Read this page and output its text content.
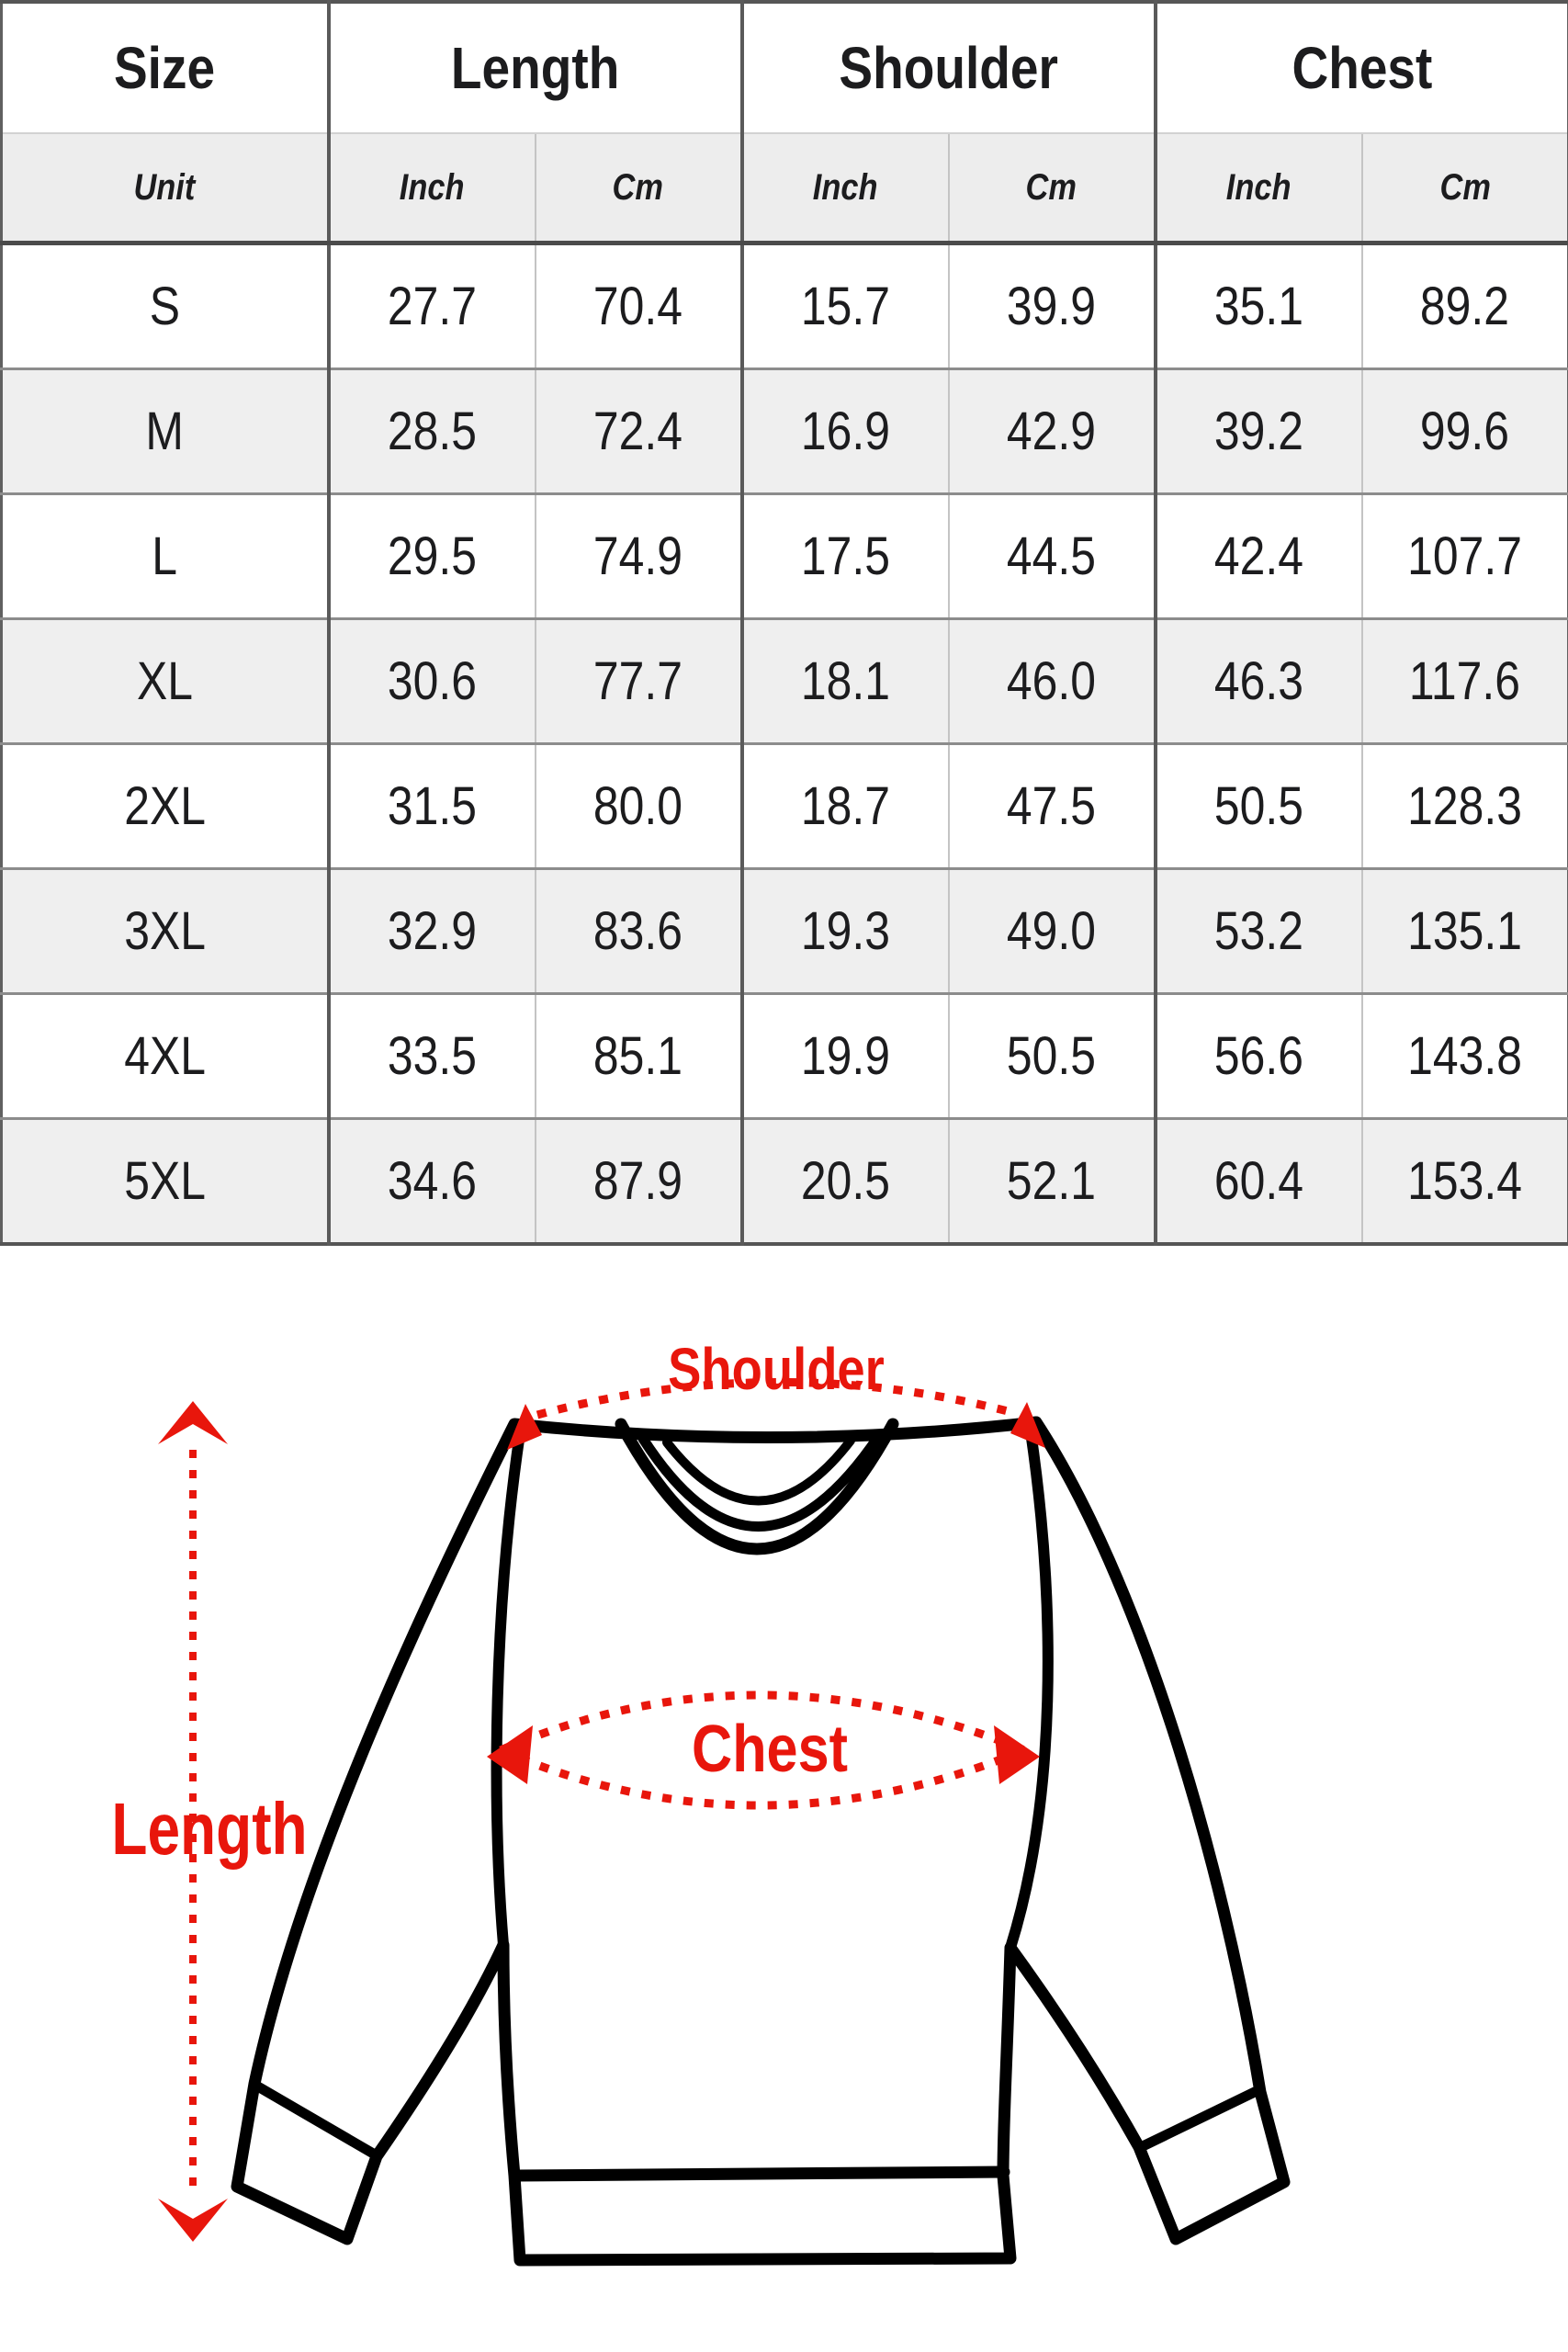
Size	Length		Shoulder		Chest	
Unit	Inch	Cm	Inch	Cm	Inch	Cm
S	27.7	70.4	15.7	39.9	35.1	89.2
M	28.5	72.4	16.9	42.9	39.2	99.6
L	29.5	74.9	17.5	44.5	42.4	107.7
XL	30.6	77.7	18.1	46.0	46.3	117.6
2XL	31.5	80.0	18.7	47.5	50.5	128.3
3XL	32.9	83.6	19.3	49.0	53.2	135.1
4XL	33.5	85.1	19.9	50.5	56.6	143.8
5XL	34.6	87.9	20.5	52.1	60.4	153.4
Shoulder
Chest
Length
